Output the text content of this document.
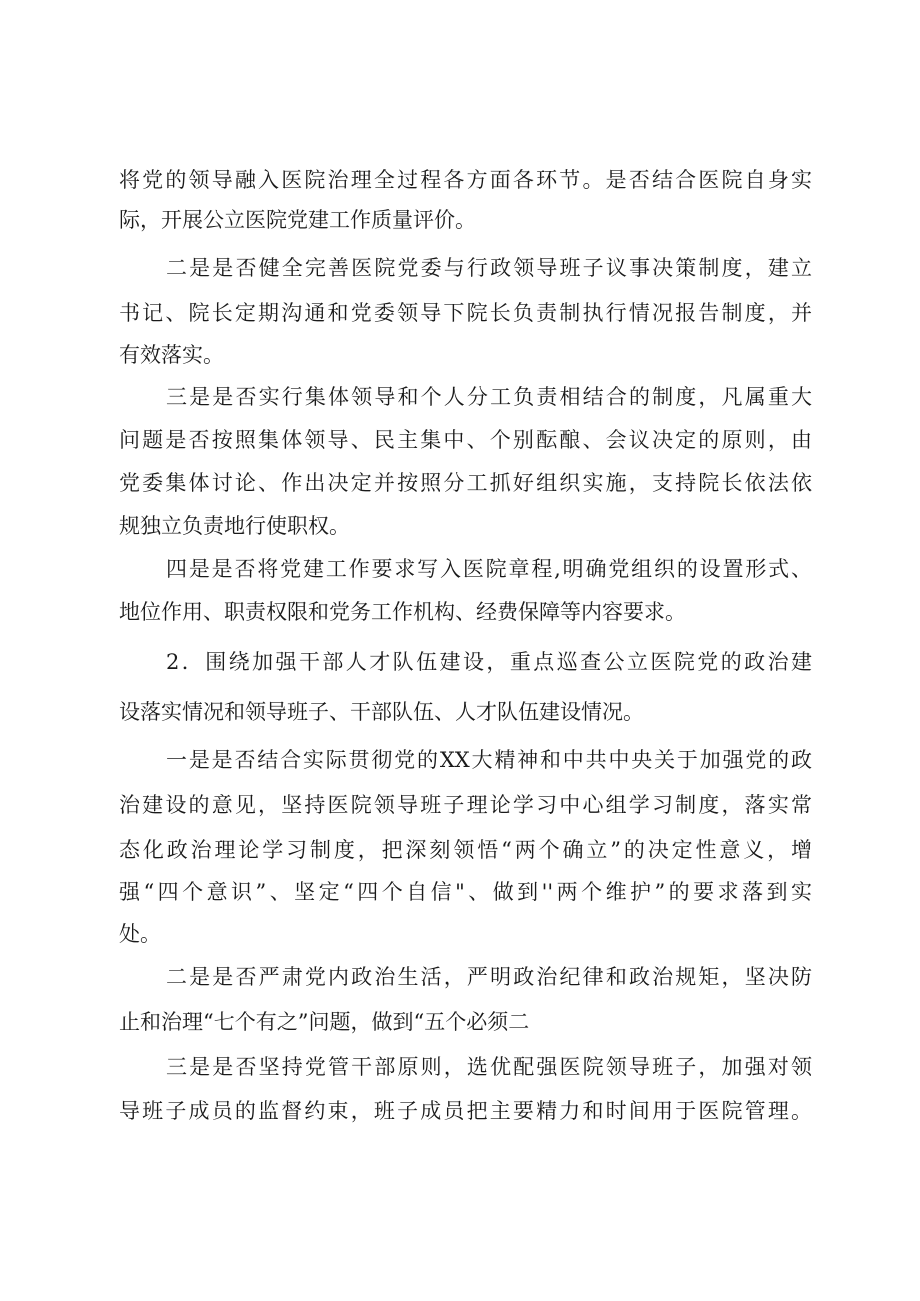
将党的领导融入医院治理全过程各方面各环节。是否结合医院自身实
际，开展公立医院党建工作质量评价。
二是是否健全完善医院党委与行政领导班子议事决策制度，建立
书记、院长定期沟通和党委领导下院长负责制执行情况报告制度，并
有效落实。
三是是否实行集体领导和个人分工负责相结合的制度，凡属重大
问题是否按照集体领导、民主集中、个别酝酿、会议决定的原则，由
党委集体讨论、作出决定并按照分工抓好组织实施，支持院长依法依
规独立负责地行使职权。
四是是否将党建工作要求写入医院章程,明确党组织的设置形式、
地位作用、职责权限和党务工作机构、经费保障等内容要求。
2．围绕加强干部人才队伍建设，重点巡查公立医院党的政治建
设落实情况和领导班子、干部队伍、人才队伍建设情况。
一是是否结合实际贯彻党的XX大精神和中共中央关于加强党的政
治建设的意见，坚持医院领导班子理论学习中心组学习制度，落实常
态化政治理论学习制度，把深刻领悟“两个确立”的决定性意义，增
强“四个意识”、坚定“四个自信"、做到''两个维护”的要求落到实
处。
二是是否严肃党内政治生活，严明政治纪律和政治规矩，坚决防
止和治理“七个有之”问题，做到“五个必须二
三是是否坚持党管干部原则，选优配强医院领导班子，加强对领
导班子成员的监督约束，班子成员把主要精力和时间用于医院管理。
